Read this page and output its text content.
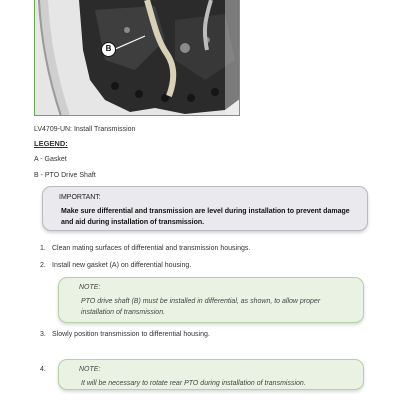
B
LV4709-UN: Install Transmission
LEGEND:
A - Gasket
B - PTO Drive Shaft
IMPORTANT:
Make sure differential and transmission are level during installation to prevent damage and aid during installation of transmission.
1. Clean mating surfaces of differential and transmission housings.
2. Install new gasket (A) on differential housing.
NOTE:
PTO drive shaft (B) must be installed in differential, as shown, to allow proper installation of transmission.
3. Slowly position transmission to differential housing.
4.	NOTE:
It will be necessary to rotate rear PTO during installation of transmission.
